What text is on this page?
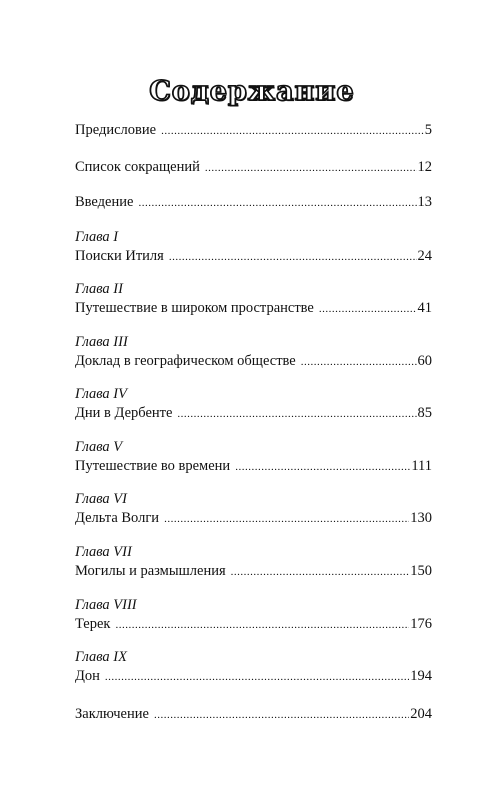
Содержание
Предисловие .....	5
Список сокращений .....	12
Введение .....	13
Глава I
Поиски Итиля .....	24
Глава II
Путешествие в широком пространстве .....	41
Глава III
Доклад в географическом обществе .....	60
Глава IV
Дни в Дербенте .....	85
Глава V
Путешествие во времени .....	111
Глава VI
Дельта Волги .....	130
Глава VII
Могилы и размышления .....	150
Глава VIII
Терек .....	176
Глава IX
Дон .....	194
Заключение .....	204
